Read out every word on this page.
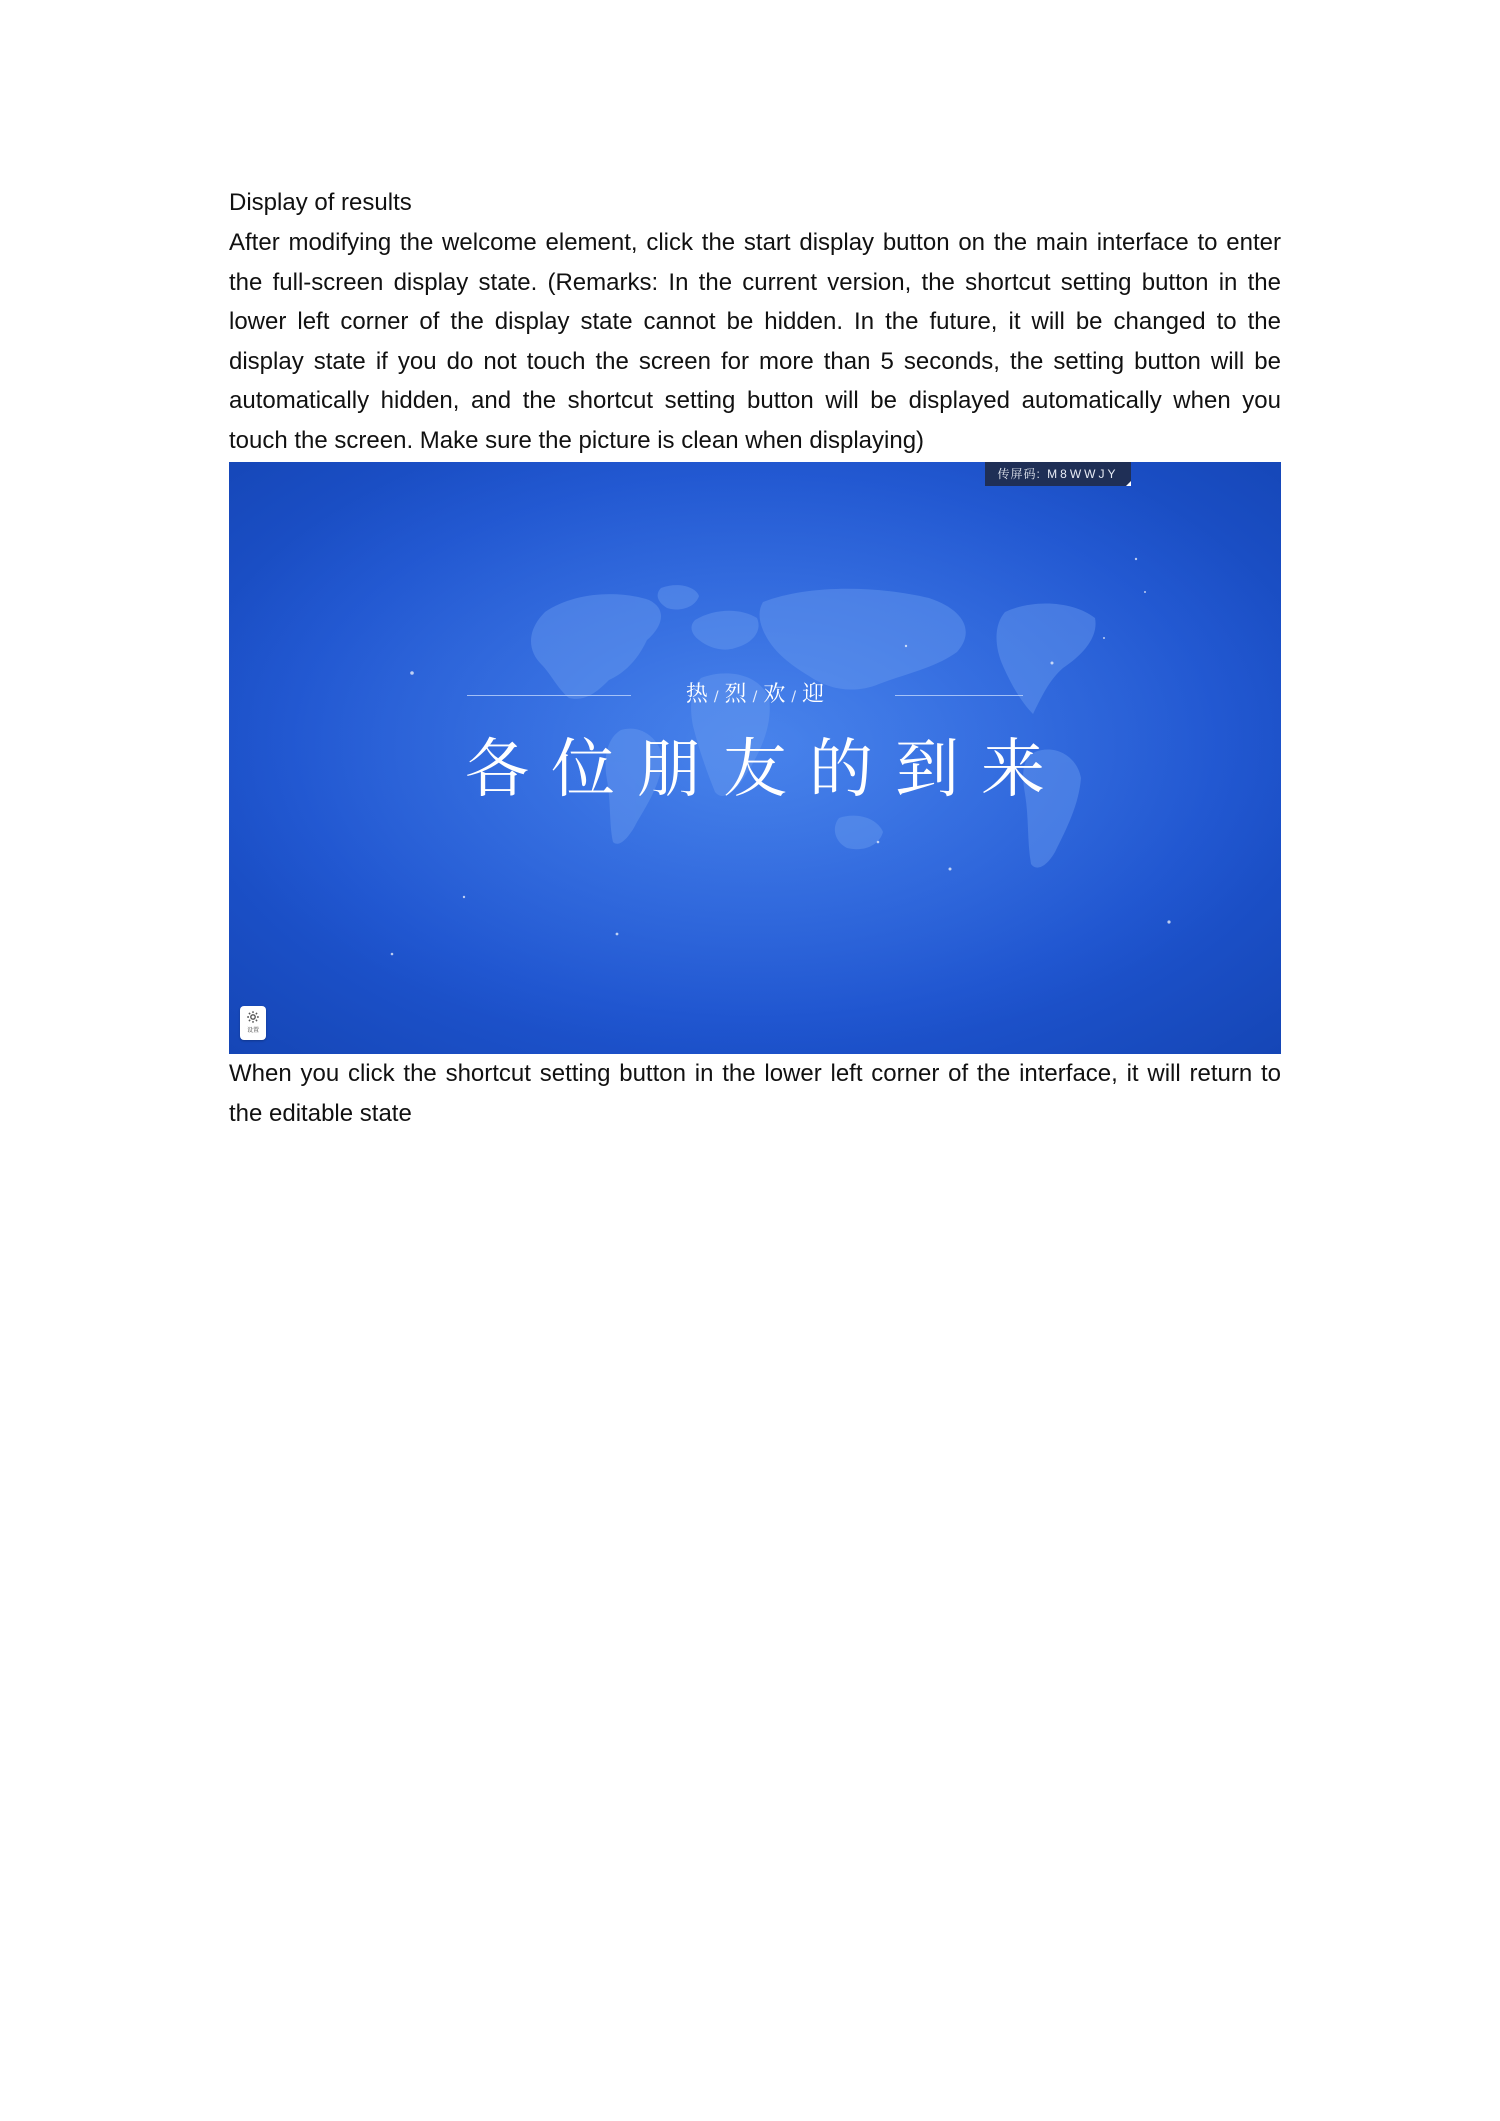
Display of results
After modifying the welcome element, click the start display button on the main interface to enter the full-screen display state. (Remarks: In the current version, the shortcut setting button in the lower left corner of the display state cannot be hidden. In the future, it will be changed to the display state if you do not touch the screen for more than 5 seconds, the setting button will be automatically hidden, and the shortcut setting button will be displayed automatically when you touch the screen. Make sure the picture is clean when displaying)
传屏码: M8WWJY
热 / 烈 / 欢 / 迎
各位朋友的到来
设置
When you click the shortcut setting button in the lower left corner of the interface, it will return to the editable state
